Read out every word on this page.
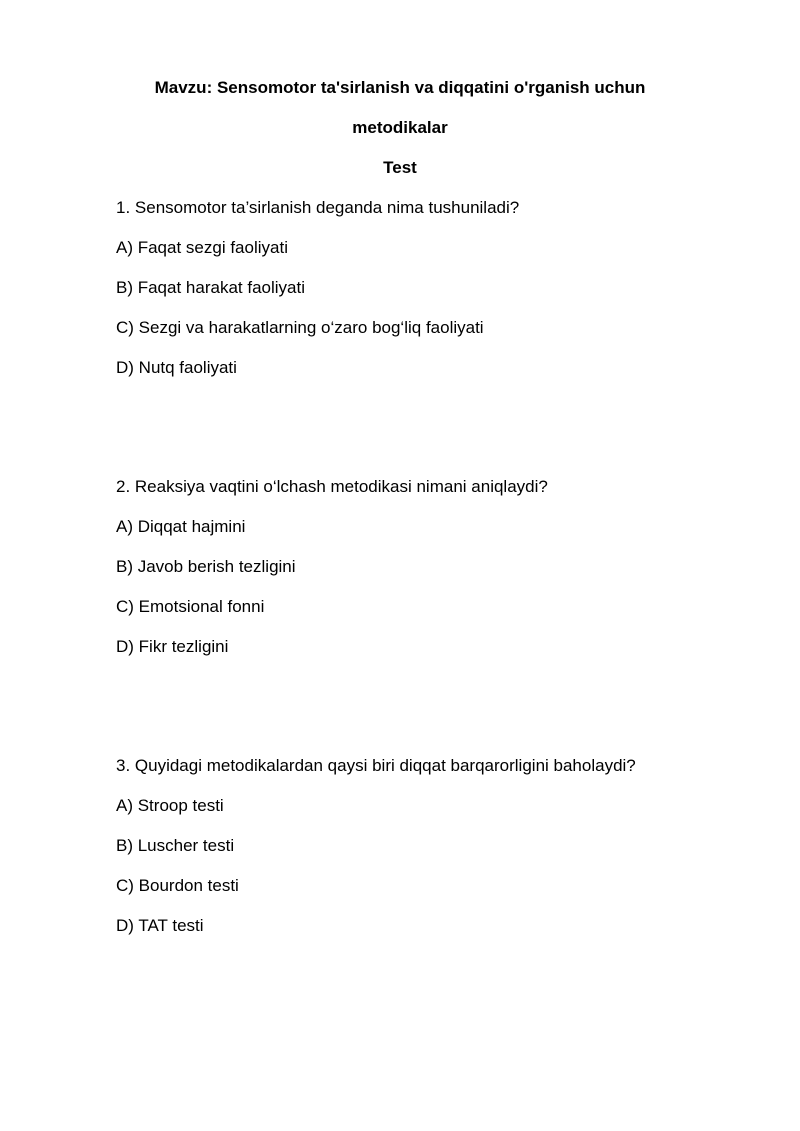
Mavzu: Sensomotor ta'sirlanish va diqqatini o'rganish uchun
metodikalar
Test
1. Sensomotor ta’sirlanish deganda nima tushuniladi?
A) Faqat sezgi faoliyati
B) Faqat harakat faoliyati
C) Sezgi va harakatlarning o‘zaro bog‘liq faoliyati
D) Nutq faoliyati
2. Reaksiya vaqtini o‘lchash metodikasi nimani aniqlaydi?
A) Diqqat hajmini
B) Javob berish tezligini
C) Emotsional fonni
D) Fikr tezligini
3. Quyidagi metodikalardan qaysi biri diqqat barqarorligini baholaydi?
A) Stroop testi
B) Luscher testi
C) Bourdon testi
D) TAT testi
